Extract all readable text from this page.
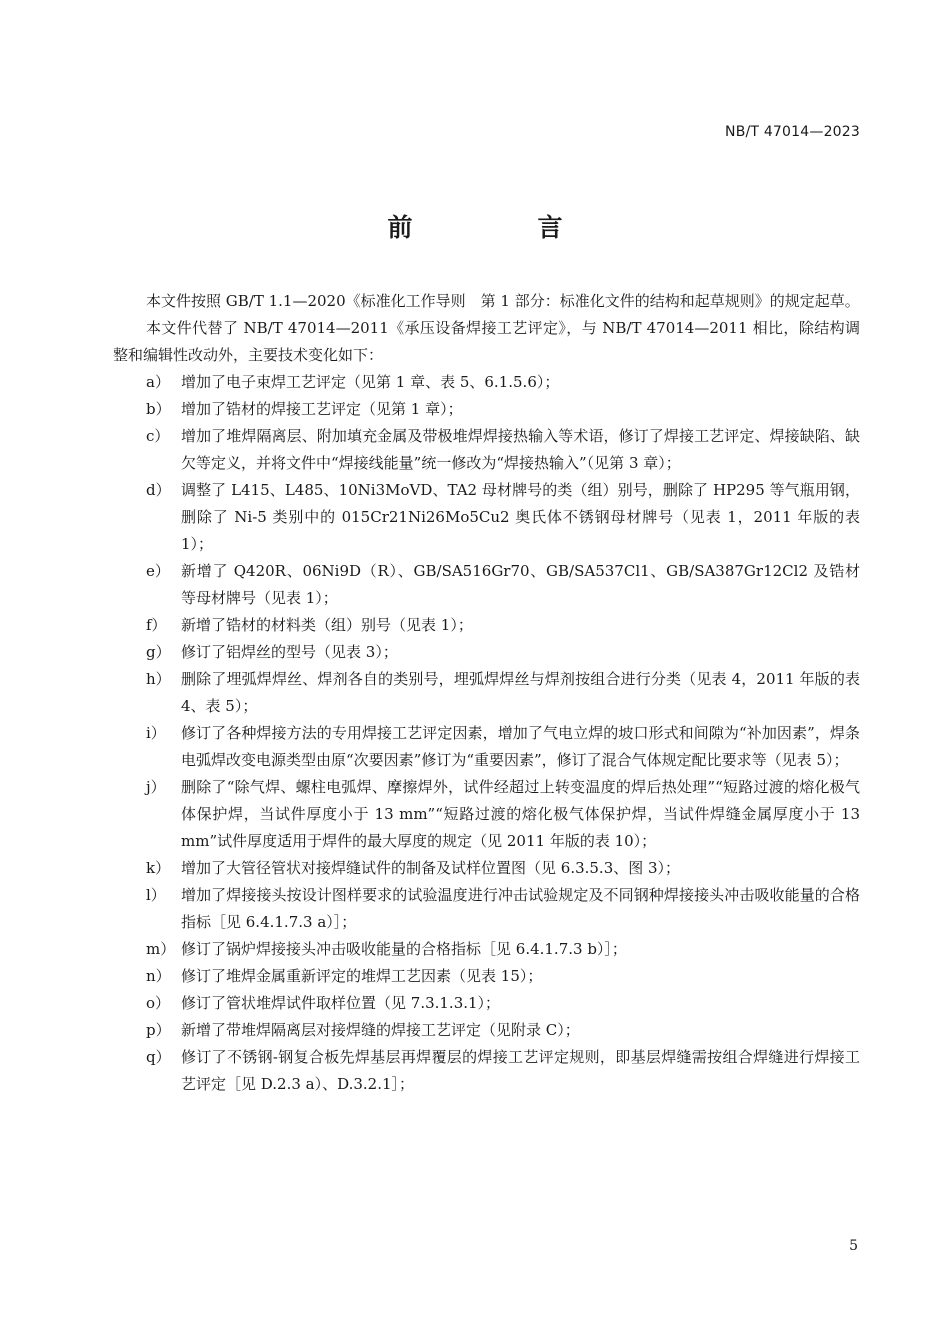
NB/T 47014—2023
前　言

本文件按照 GB/T 1.1—2020《标准化工作导则　第 1 部分：标准化文件的结构和起草规则》的规定起草。

本文件代替了 NB/T 47014—2011《承压设备焊接工艺评定》，与 NB/T 47014—2011 相比，除结构调整和编辑性改动外，主要技术变化如下：

a） 增加了电子束焊工艺评定（见第 1 章、表 5、6.1.5.6）；
b） 增加了锆材的焊接工艺评定（见第 1 章）；
c） 增加了堆焊隔离层、附加填充金属及带极堆焊焊接热输入等术语，修订了焊接工艺评定、焊接缺陷、缺欠等定义，并将文件中“焊接线能量”统一修改为“焊接热输入”（见第 3 章）；
d） 调整了 L415、L485、10Ni3MoVD、TA2 母材牌号的类（组）别号，删除了 HP295 等气瓶用钢，删除了 Ni-5 类别中的 015Cr21Ni26Mo5Cu2 奥氏体不锈钢母材牌号（见表 1，2011 年版的表 1）；
e） 新增了 Q420R、06Ni9D（R）、GB/SA516Gr70、GB/SA537Cl1、GB/SA387Gr12Cl2 及锆材等母材牌号（见表 1）；
f） 新增了锆材的材料类（组）别号（见表 1）；
g） 修订了铝焊丝的型号（见表 3）；
h） 删除了埋弧焊焊丝、焊剂各自的类别号，埋弧焊焊丝与焊剂按组合进行分类（见表 4，2011 年版的表 4、表 5）；
i）	修订了各种焊接方法的专用焊接工艺评定因素，增加了气电立焊的坡口形式和间隙为“补加因素”，焊条电弧焊改变电源类型由原“次要因素”修订为“重要因素”，修订了混合气体规定配比要求等（见表 5）；
j）	删除了“除气焊、螺柱电弧焊、摩擦焊外，试件经超过上转变温度的焊后热处理”“短路过渡的熔化极气体保护焊，当试件厚度小于 13 mm”“短路过渡的熔化极气体保护焊，当试件焊缝金属厚度小于 13 mm”试件厚度适用于焊件的最大厚度的规定（见 2011 年版的表 10）；
k） 增加了大管径管状对接焊缝试件的制备及试样位置图（见 6.3.5.3、图 3）；
l）	增加了焊接接头按设计图样要求的试验温度进行冲击试验规定及不同钢种焊接接头冲击吸收能量的合格指标［见 6.4.1.7.3 a）］；
m） 修订了锅炉焊接接头冲击吸收能量的合格指标［见 6.4.1.7.3 b）］；
n） 修订了堆焊金属重新评定的堆焊工艺因素（见表 15）；
o） 修订了管状堆焊试件取样位置（见 7.3.1.3.1）；
p） 新增了带堆焊隔离层对接焊缝的焊接工艺评定（见附录 C）；
q） 修订了不锈钢-钢复合板先焊基层再焊覆层的焊接工艺评定规则，即基层焊缝需按组合焊缝进行焊接工艺评定［见 D.2.3 a）、D.3.2.1］；
5
